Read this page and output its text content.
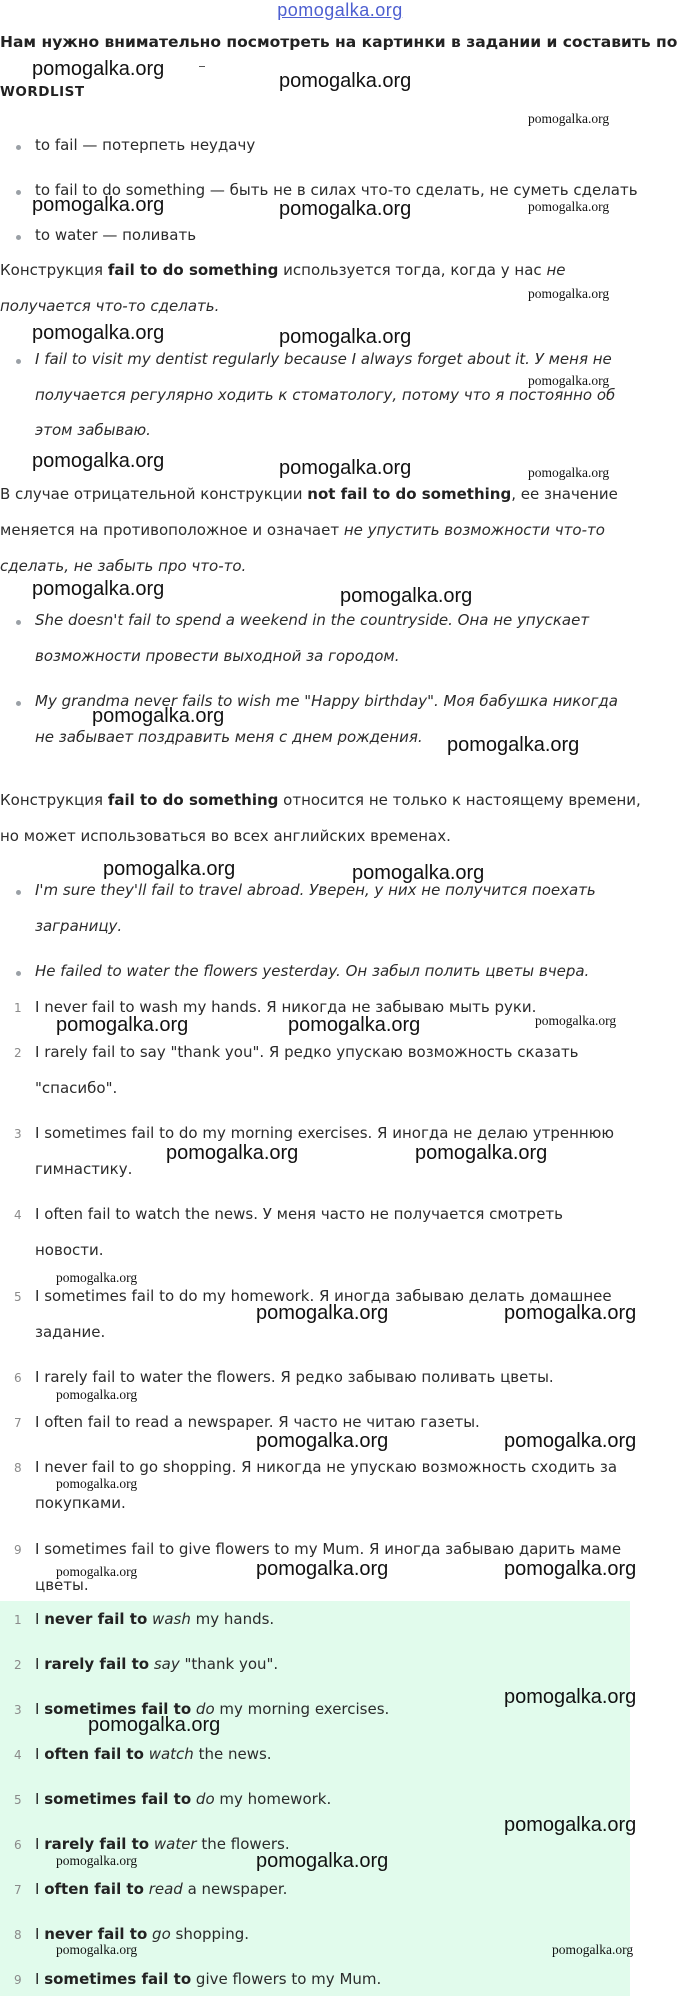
pomogalka.org
Нам нужно внимательно посмотреть на картинки в задании и составить по
WORDLIST
to fail — потерпеть неудачу
to fail to do something — быть не в силах что-то сделать, не суметь сделать
to water — поливать
Конструкция fail to do something используется тогда, когда у нас не
получается что-то сделать.
I fail to visit my dentist regularly because I always forget about it. У меня не
получается регулярно ходить к стоматологу, потому что я постоянно об
этом забываю.
В случае отрицательной конструкции not fail to do something, ее значение
меняется на противоположное и означает не упустить возможности что-то
сделать, не забыть про что-то.
She doesn't fail to spend a weekend in the countryside. Она не упускает
возможности провести выходной за городом.
My grandma never fails to wish me "Happy birthday". Моя бабушка никогда
не забывает поздравить меня с днем рождения.
Конструкция fail to do something относится не только к настоящему времени,
но может использоваться во всех английских временах.
I'm sure they'll fail to travel abroad. Уверен, у них не получится поехать
заграницу.
He failed to water the flowers yesterday. Он забыл полить цветы вчера.
1 I never fail to wash my hands. Я никогда не забываю мыть руки.
2 I rarely fail to say "thank you". Я редко упускаю возможность сказать
"спасибо".
3 I sometimes fail to do my morning exercises. Я иногда не делаю утреннюю
гимнастику.
4 I often fail to watch the news. У меня часто не получается смотреть
новости.
5 I sometimes fail to do my homework. Я иногда забываю делать домашнее
задание.
6 I rarely fail to water the flowers. Я редко забываю поливать цветы.
7 I often fail to read a newspaper. Я часто не читаю газеты.
8 I never fail to go shopping. Я никогда не упускаю возможность сходить за
покупками.
9 I sometimes fail to give flowers to my Mum. Я иногда забываю дарить маме
цветы.
1 I never fail to wash my hands.
2 I rarely fail to say "thank you".
3 I sometimes fail to do my morning exercises.
4 I often fail to watch the news.
5 I sometimes fail to do my homework.
6 I rarely fail to water the flowers.
7 I often fail to read a newspaper.
8 I never fail to go shopping.
9 I sometimes fail to give flowers to my Mum.
pomogalka.org
pomogalka.org
pomogalka.org
pomogalka.org	pomogalka.org	pomogalka.org
pomogalka.org
pomogalka.org	pomogalka.org
pomogalka.org
pomogalka.org	pomogalka.org	pomogalka.org
pomogalka.org	pomogalka.org
pomogalka.org
pomogalka.org
pomogalka.org	pomogalka.org
pomogalka.org	pomogalka.org	pomogalka.org
pomogalka.org	pomogalka.org
pomogalka.org
pomogalka.org	pomogalka.org
pomogalka.org
pomogalka.org	pomogalka.org
pomogalka.org
pomogalka.org	pomogalka.org
pomogalka.org
pomogalka.org
pomogalka.org
pomogalka.org
pomogalka.org
pomogalka.org
pomogalka.org	pomogalka.org
